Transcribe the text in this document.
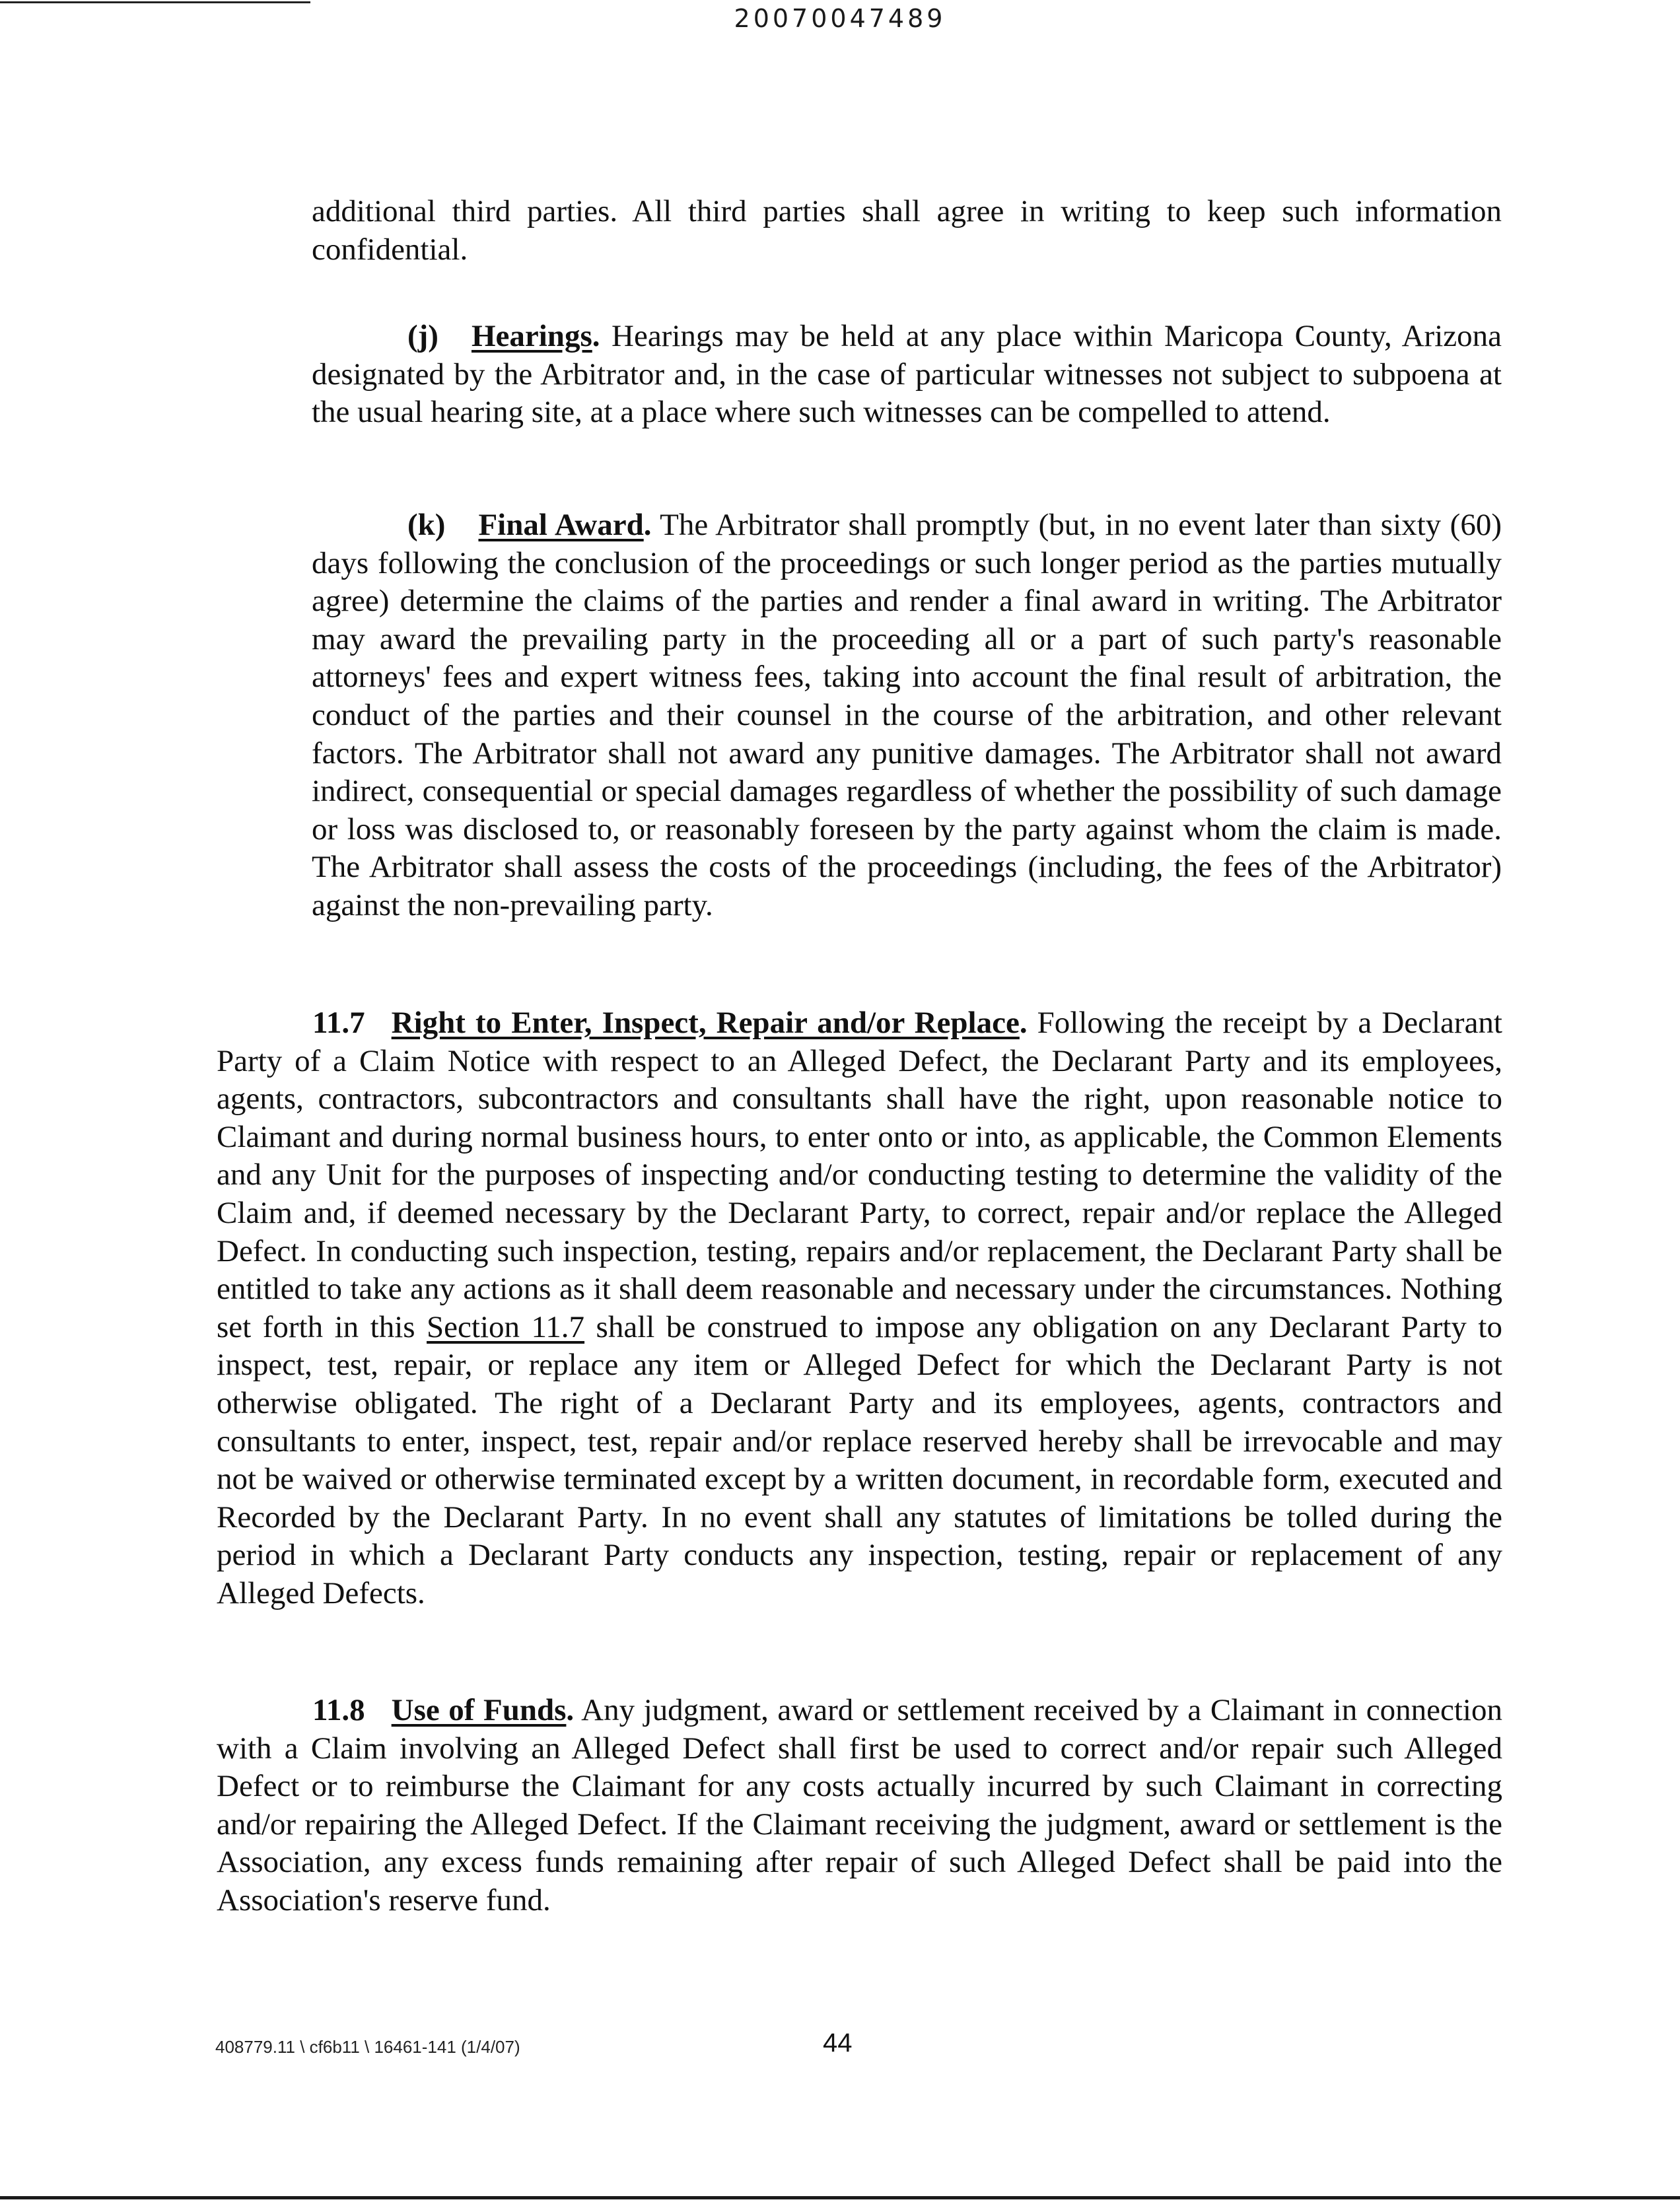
20070047489

additional third parties. All third parties shall agree in writing to keep such information confidential.

(j) Hearings. Hearings may be held at any place within Maricopa County, Arizona designated by the Arbitrator and, in the case of particular witnesses not subject to subpoena at the usual hearing site, at a place where such witnesses can be compelled to attend.

(k) Final Award. The Arbitrator shall promptly (but, in no event later than sixty (60) days following the conclusion of the proceedings or such longer period as the parties mutually agree) determine the claims of the parties and render a final award in writing. The Arbitrator may award the prevailing party in the proceeding all or a part of such party's reasonable attorneys' fees and expert witness fees, taking into account the final result of arbitration, the conduct of the parties and their counsel in the course of the arbitration, and other relevant factors. The Arbitrator shall not award any punitive damages. The Arbitrator shall not award indirect, consequential or special damages regardless of whether the possibility of such damage or loss was disclosed to, or reasonably foreseen by the party against whom the claim is made. The Arbitrator shall assess the costs of the proceedings (including, the fees of the Arbitrator) against the non-prevailing party.

11.7 Right to Enter, Inspect, Repair and/or Replace. Following the receipt by a Declarant Party of a Claim Notice with respect to an Alleged Defect, the Declarant Party and its employees, agents, contractors, subcontractors and consultants shall have the right, upon reasonable notice to Claimant and during normal business hours, to enter onto or into, as applicable, the Common Elements and any Unit for the purposes of inspecting and/or conducting testing to determine the validity of the Claim and, if deemed necessary by the Declarant Party, to correct, repair and/or replace the Alleged Defect. In conducting such inspection, testing, repairs and/or replacement, the Declarant Party shall be entitled to take any actions as it shall deem reasonable and necessary under the circumstances. Nothing set forth in this Section 11.7 shall be construed to impose any obligation on any Declarant Party to inspect, test, repair, or replace any item or Alleged Defect for which the Declarant Party is not otherwise obligated. The right of a Declarant Party and its employees, agents, contractors and consultants to enter, inspect, test, repair and/or replace reserved hereby shall be irrevocable and may not be waived or otherwise terminated except by a written document, in recordable form, executed and Recorded by the Declarant Party. In no event shall any statutes of limitations be tolled during the period in which a Declarant Party conducts any inspection, testing, repair or replacement of any Alleged Defects.

11.8 Use of Funds. Any judgment, award or settlement received by a Claimant in connection with a Claim involving an Alleged Defect shall first be used to correct and/or repair such Alleged Defect or to reimburse the Claimant for any costs actually incurred by such Claimant in correcting and/or repairing the Alleged Defect. If the Claimant receiving the judgment, award or settlement is the Association, any excess funds remaining after repair of such Alleged Defect shall be paid into the Association's reserve fund.

408779.11 \ cf6b11 \ 16461-141 (1/4/07)	44
